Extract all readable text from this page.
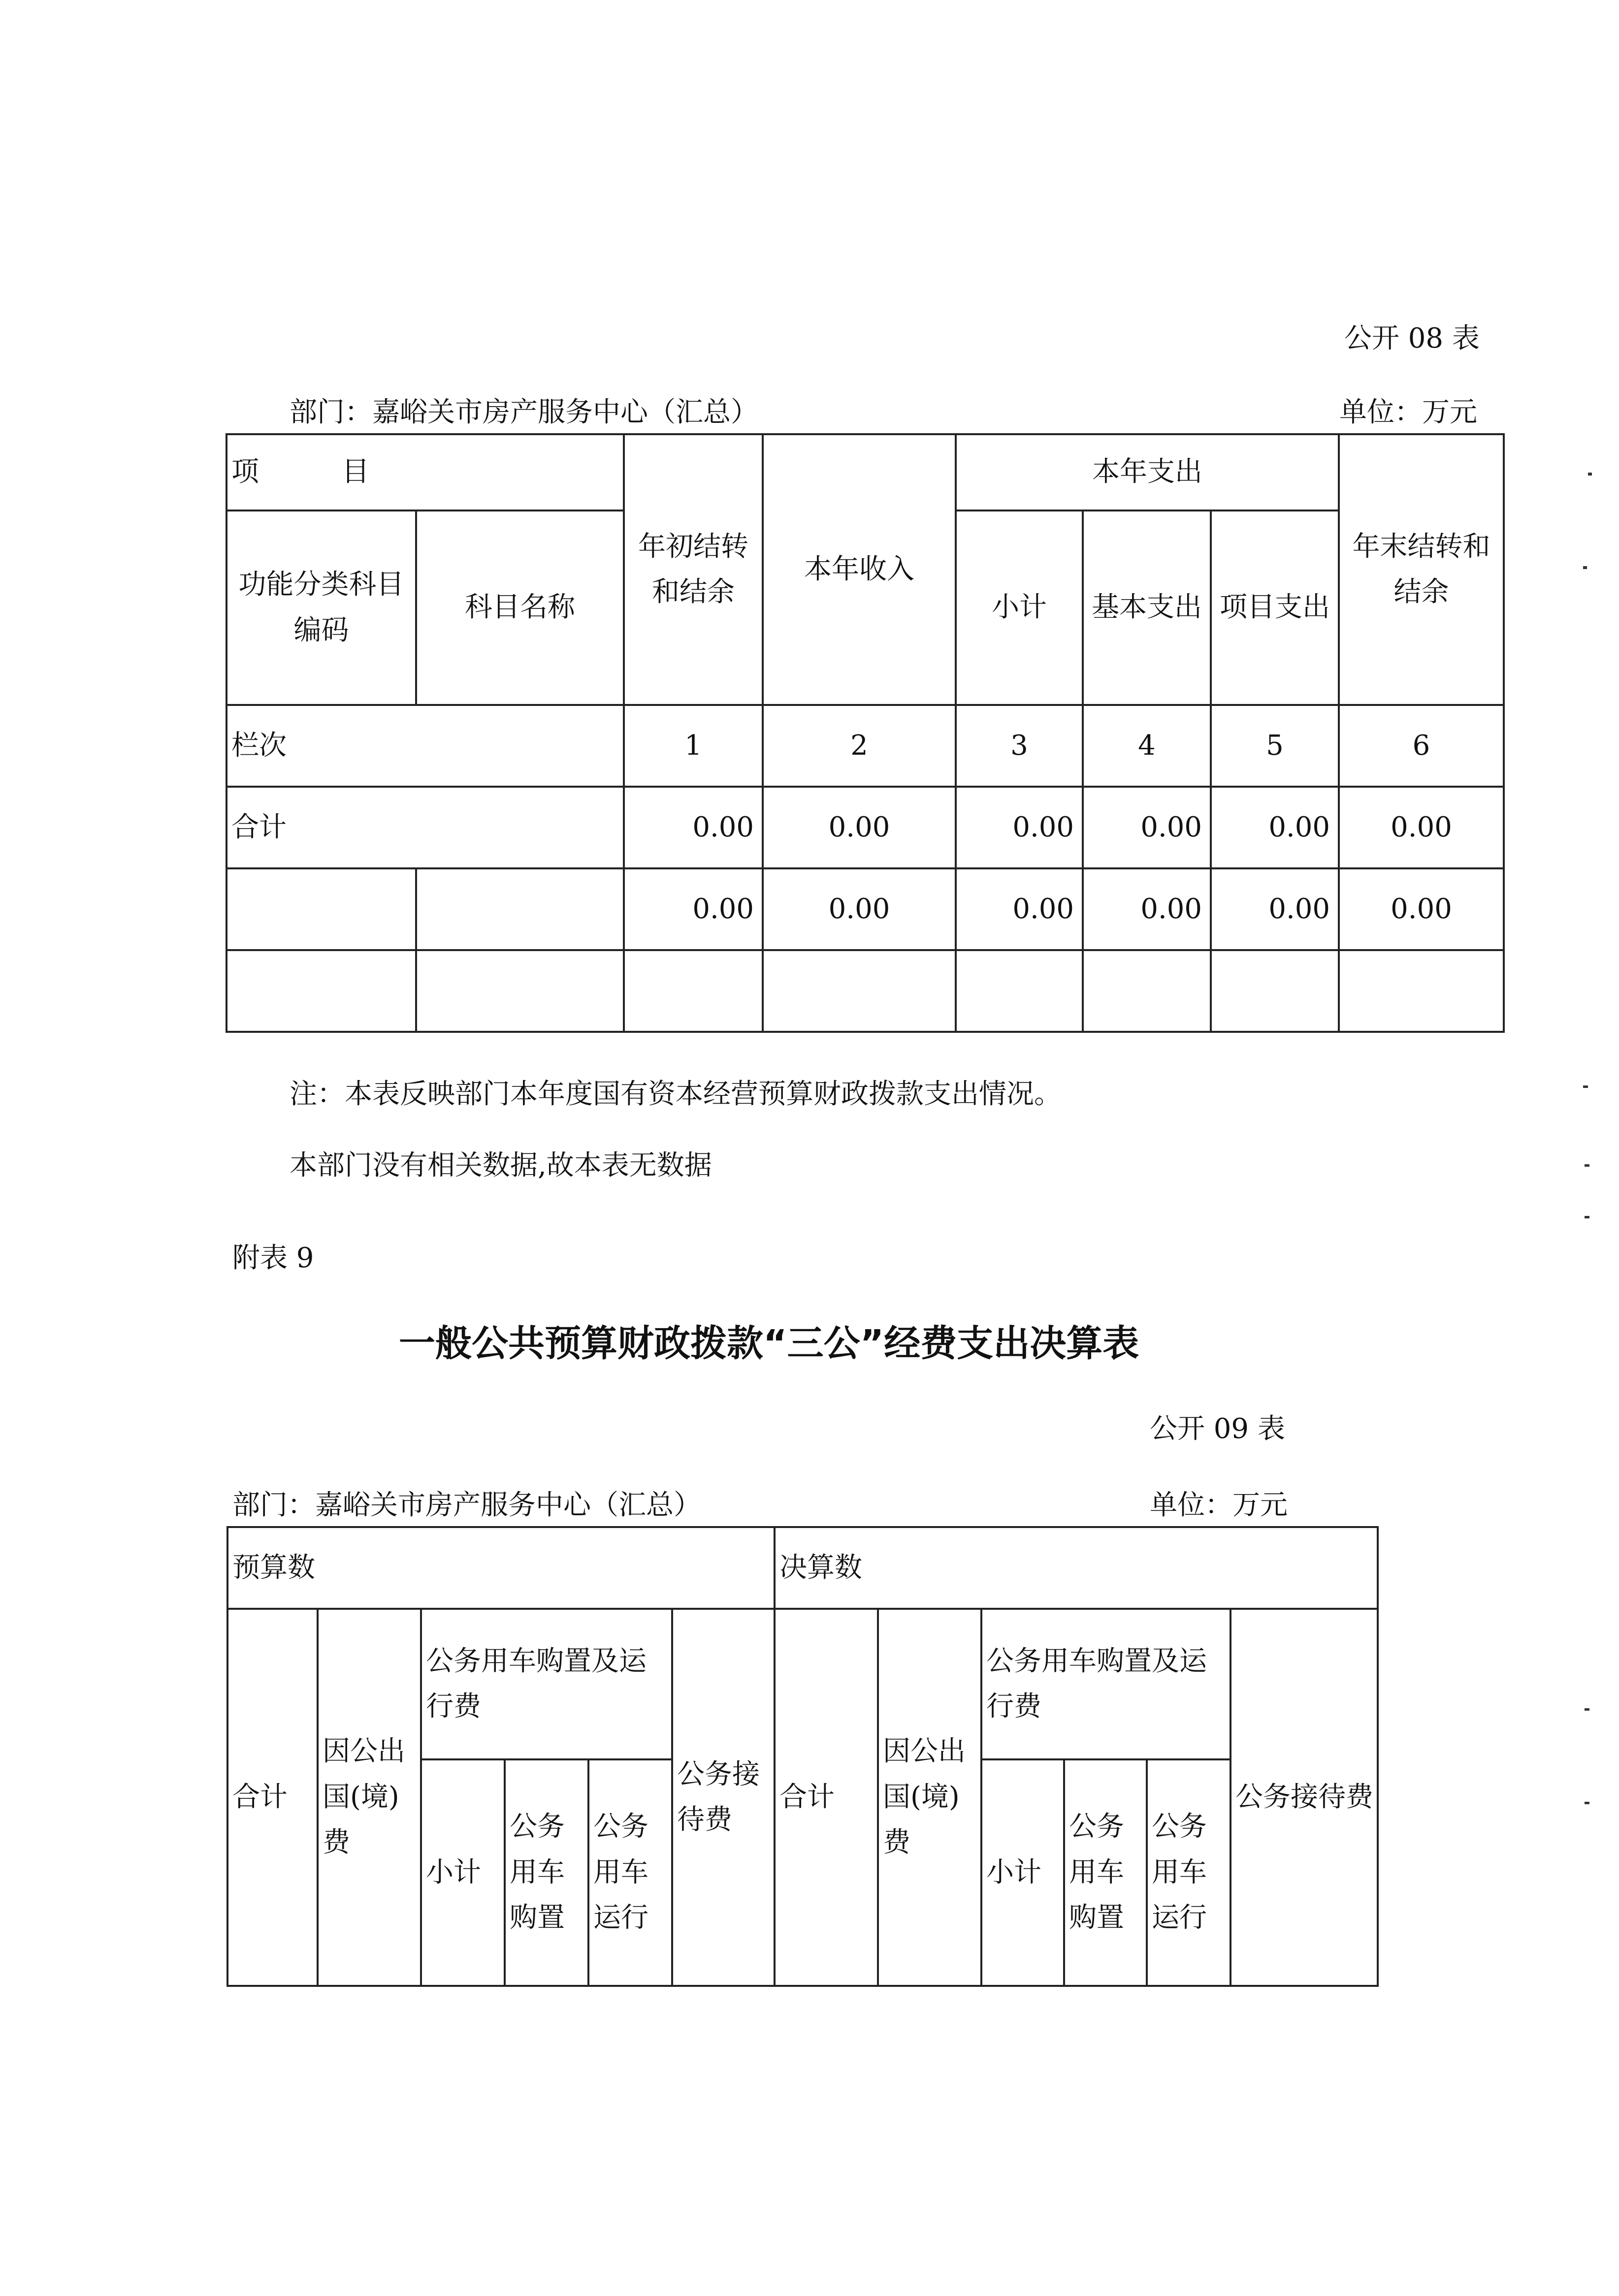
公开 08 表
部门：嘉峪关市房产服务中心（汇总）	单位：万元
项　　　目		年初结转和结余	本年收入	本年支出			年末结转和结余
功能分类科目编码	科目名称			小计	基本支出	项目支出	
栏次		1	2	3	4	5	6
合计		0.00	0.00	0.00	0.00	0.00	0.00
		0.00	0.00	0.00	0.00	0.00	0.00

注：本表反映部门本年度国有资本经营预算财政拨款支出情况。
本部门没有相关数据,故本表无数据
附表 9
一般公共预算财政拨款“三公”经费支出决算表
公开 09 表
部门：嘉峪关市房产服务中心（汇总）	单位：万元
预算数						决算数					
合计	因公出国(境)费	公务用车购置及运行费			公务接待费	合计	因公出国(境)费	公务用车购置及运行费			公务接待费
		小计	公务用车购置	公务用车运行				小计	公务用车购置	公务用车运行	
